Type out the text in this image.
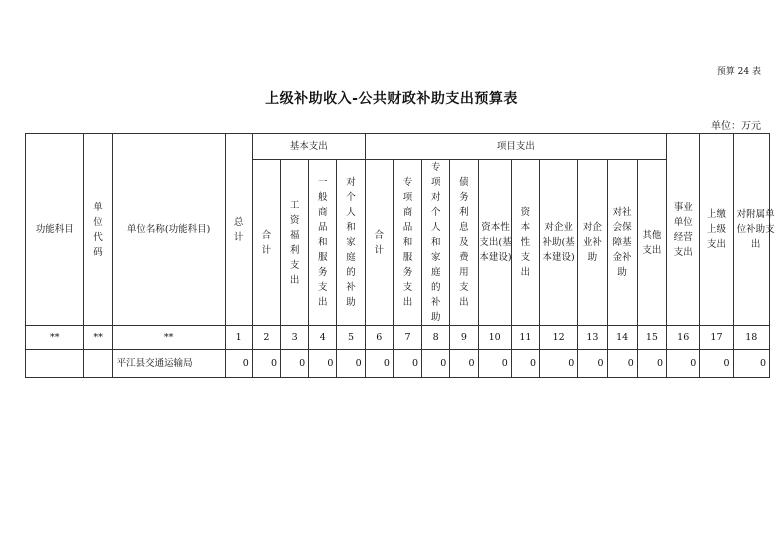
预算 24 表
上级补助收入-公共财政补助支出预算表
单位：万元
功能科目	单位代码	单位名称(功能科目)	总计	基本支出				项目支出										事业单位经营支出	上缴上级支出	对附属单位补助支出
				合计	工资福利支出	一般商品和服务支出	对个人和家庭的补助	合计	专项商品和服务支出	专项对个人和家庭的补助	债务利息及费用支出	资本性支出(基本建设)	资本性支出	对企业补助(基本建设)	对企业补助	对社会保障基金补助	其他支出			
**	**	**	1	2	3	4	5	6	7	8	9	10	11	12	13	14	15	16	17	18
		平江县交通运输局	0	0	0	0	0	0	0	0	0	0	0	0	0	0	0	0	0	0
